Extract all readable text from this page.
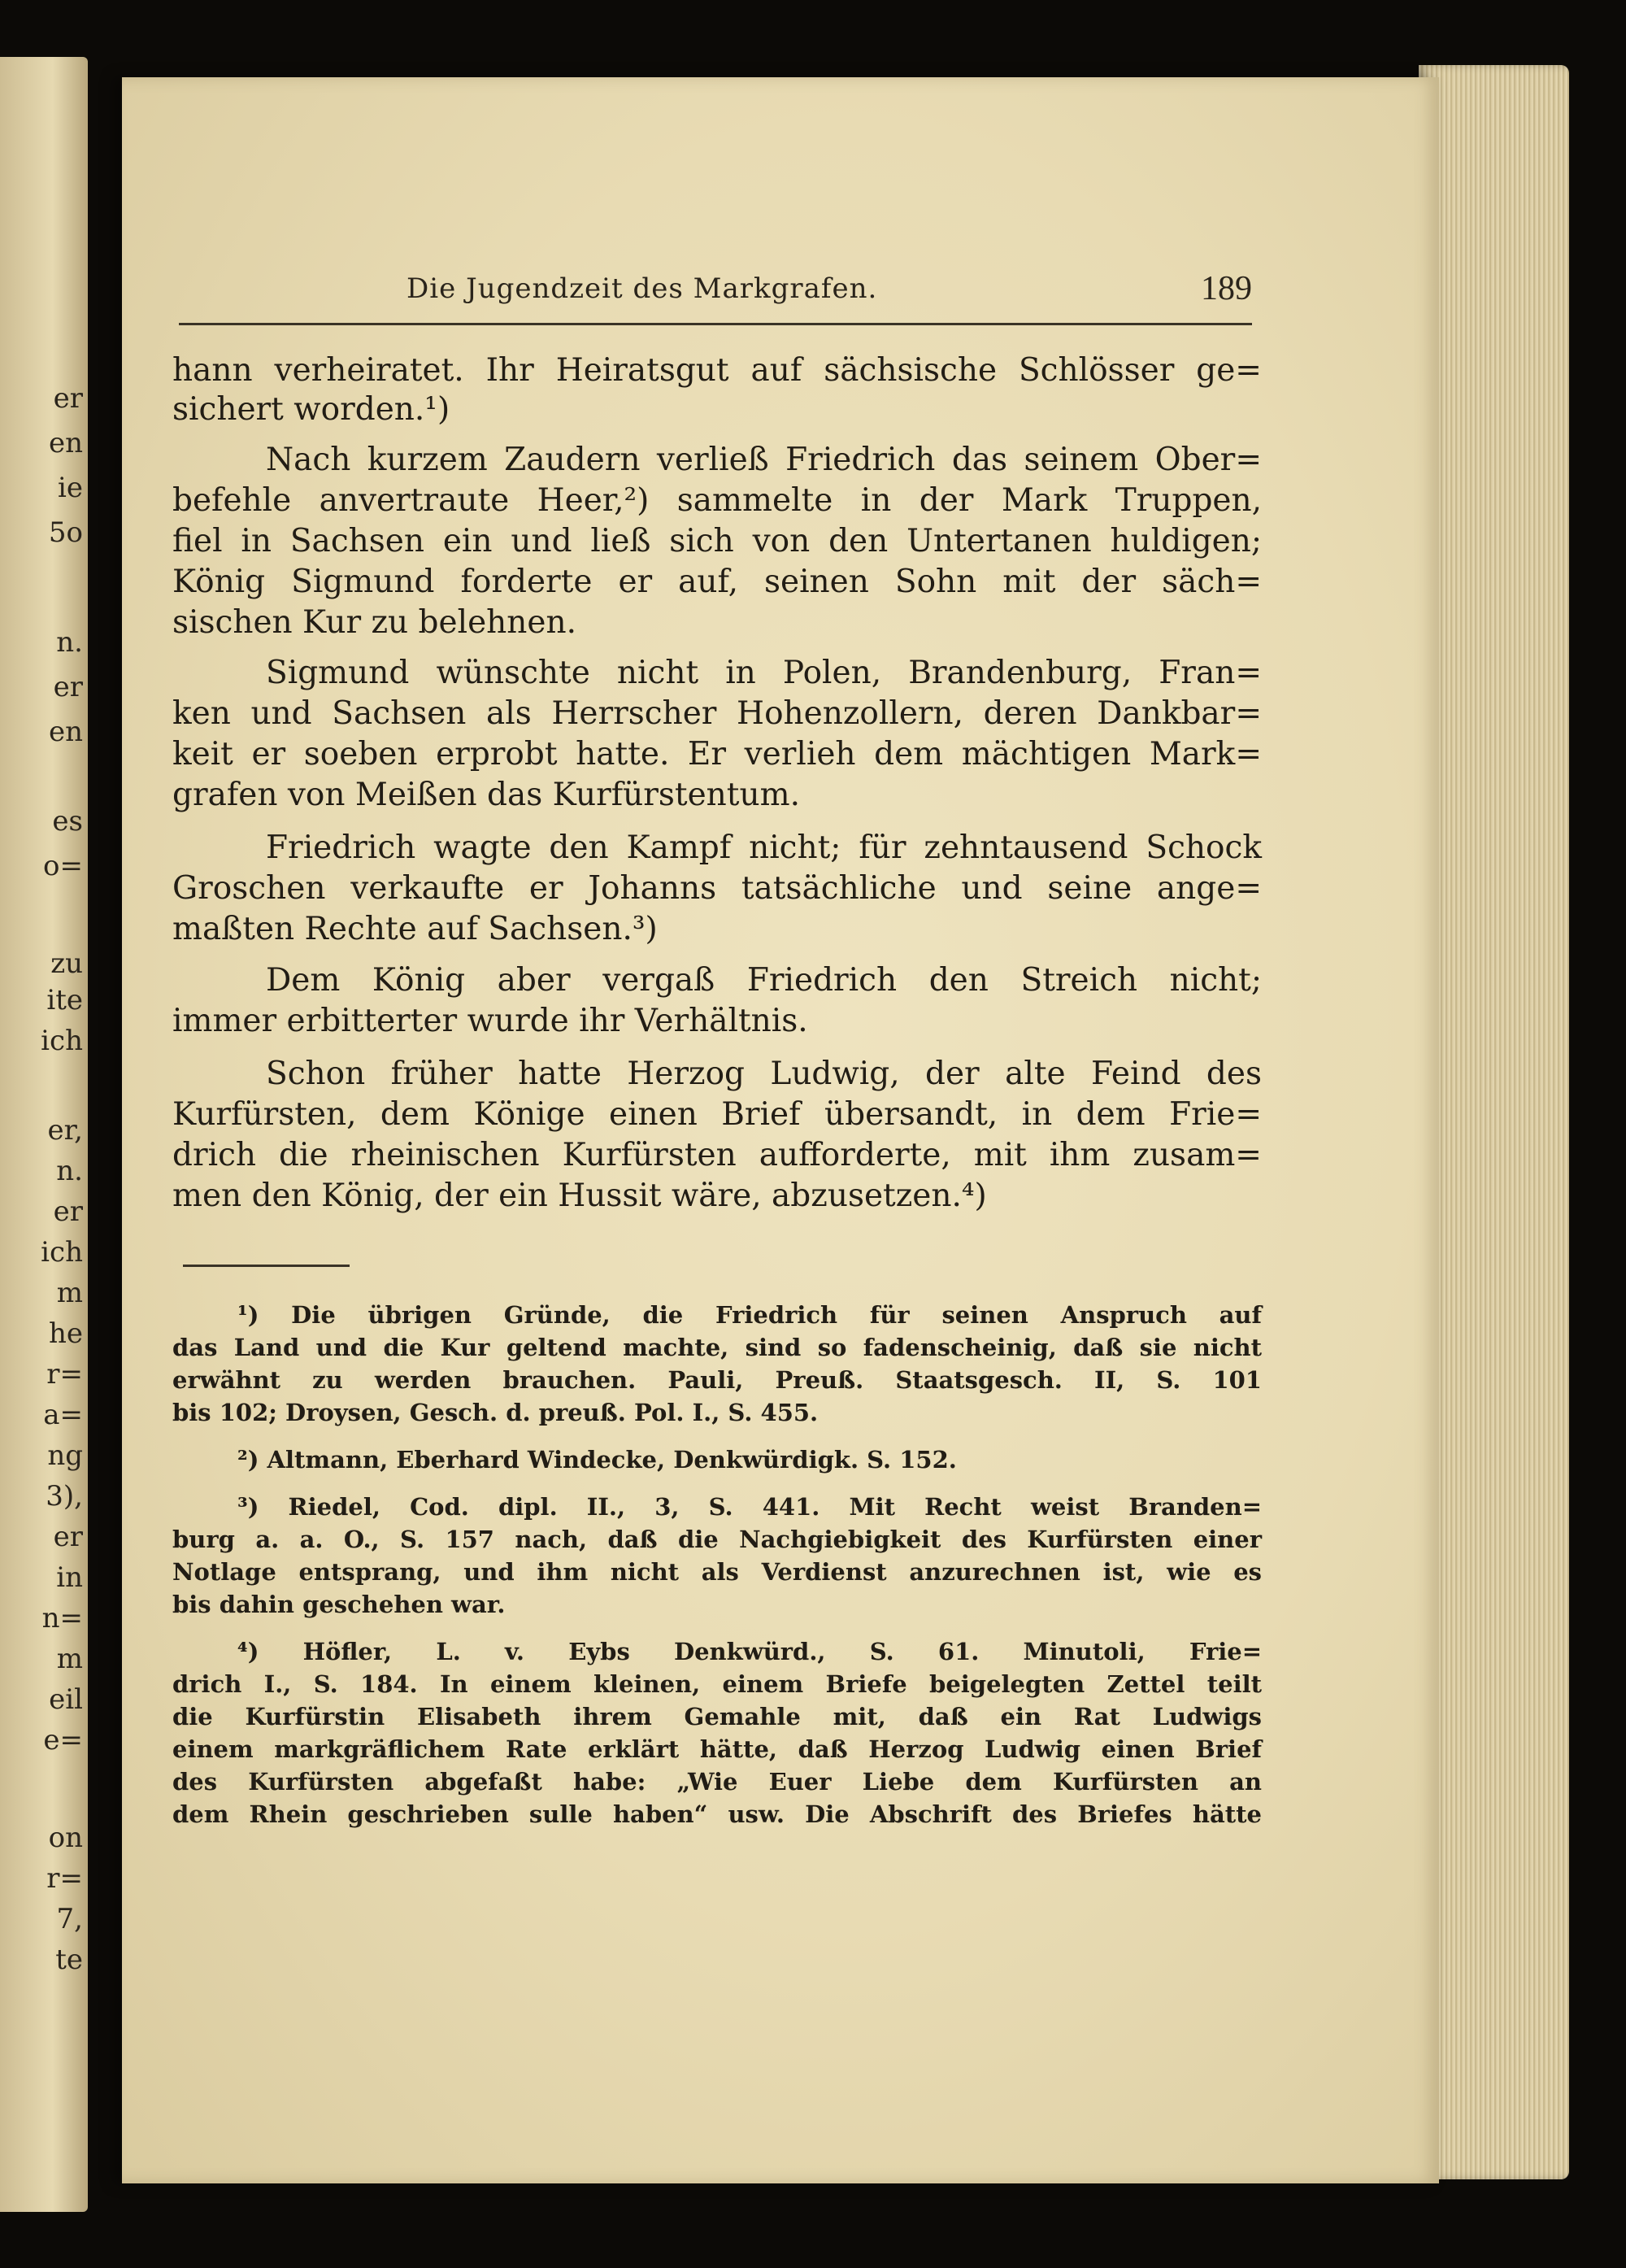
er
en
ie
5o
n.
er
en
es
o=
zu
ite
ich
er,
n.
er
ich
m
he
r=
a=
ng
3),
er
in
n=
m
eil
e=
on
r=
7,
te
Die Jugendzeit des Markgrafen.	189
hann verheiratet. Ihr Heiratsgut auf sächsische Schlösser ge=
sichert worden.¹)
Nach kurzem Zaudern verließ Friedrich das seinem Ober=
befehle anvertraute Heer,²) sammelte in der Mark Truppen,
fiel in Sachsen ein und ließ sich von den Untertanen huldigen;
König Sigmund forderte er auf, seinen Sohn mit der säch=
sischen Kur zu belehnen.
Sigmund wünschte nicht in Polen, Brandenburg, Fran=
ken und Sachsen als Herrscher Hohenzollern, deren Dankbar=
keit er soeben erprobt hatte. Er verlieh dem mächtigen Mark=
grafen von Meißen das Kurfürstentum.
Friedrich wagte den Kampf nicht; für zehntausend Schock
Groschen verkaufte er Johanns tatsächliche und seine ange=
maßten Rechte auf Sachsen.³)
Dem König aber vergaß Friedrich den Streich nicht;
immer erbitterter wurde ihr Verhältnis.
Schon früher hatte Herzog Ludwig, der alte Feind des
Kurfürsten, dem Könige einen Brief übersandt, in dem Frie=
drich die rheinischen Kurfürsten aufforderte, mit ihm zusam=
men den König, der ein Hussit wäre, abzusetzen.⁴)
¹) Die übrigen Gründe, die Friedrich für seinen Anspruch auf
das Land und die Kur geltend machte, sind so fadenscheinig, daß sie nicht
erwähnt zu werden brauchen. Pauli, Preuß. Staatsgesch. II, S. 101
bis 102; Droysen, Gesch. d. preuß. Pol. I., S. 455.
²) Altmann, Eberhard Windecke, Denkwürdigk. S. 152.
³) Riedel, Cod. dipl. II., 3, S. 441. Mit Recht weist Branden=
burg a. a. O., S. 157 nach, daß die Nachgiebigkeit des Kurfürsten einer
Notlage entsprang, und ihm nicht als Verdienst anzurechnen ist, wie es
bis dahin geschehen war.
⁴) Höfler, L. v. Eybs Denkwürd., S. 61. Minutoli, Frie=
drich I., S. 184. In einem kleinen, einem Briefe beigelegten Zettel teilt
die Kurfürstin Elisabeth ihrem Gemahle mit, daß ein Rat Ludwigs
einem markgräflichem Rate erklärt hätte, daß Herzog Ludwig einen Brief
des Kurfürsten abgefaßt habe: „Wie Euer Liebe dem Kurfürsten an
dem Rhein geschrieben sulle haben“ usw. Die Abschrift des Briefes hätte
